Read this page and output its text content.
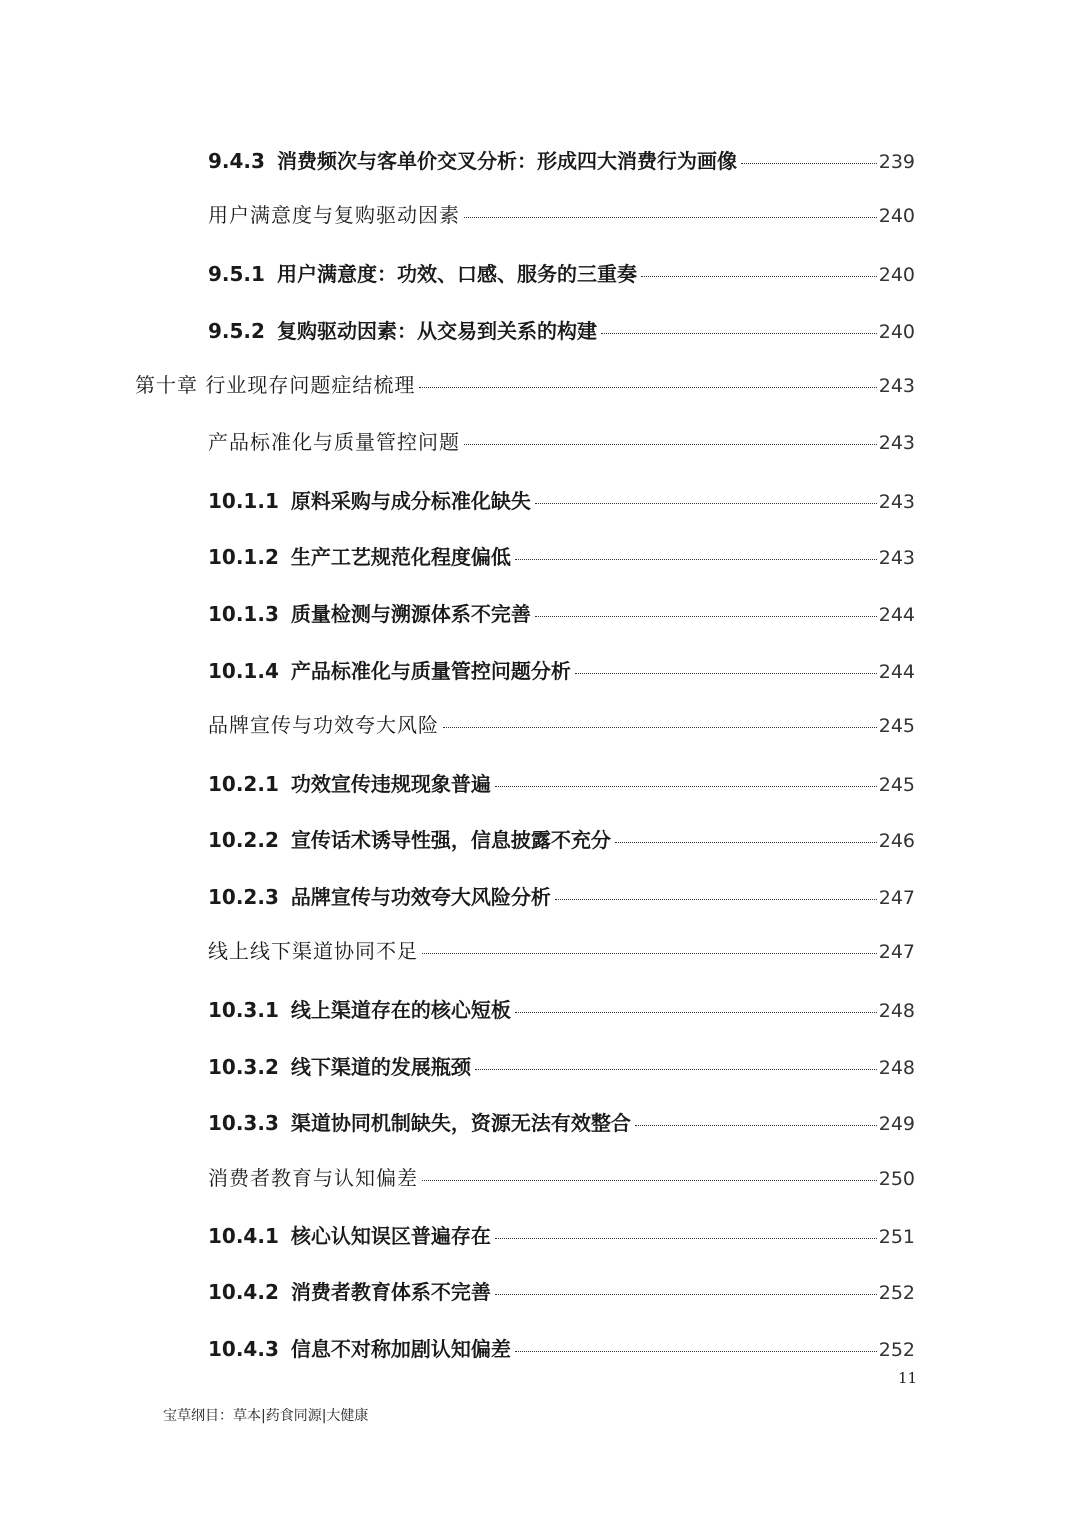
9.4.3 消费频次与客单价交叉分析：形成四大消费行为画像	239
用户满意度与复购驱动因素	240
9.5.1 用户满意度：功效、口感、服务的三重奏	240
9.5.2 复购驱动因素：从交易到关系的构建	240
第十章 行业现存问题症结梳理	243
产品标准化与质量管控问题	243
10.1.1 原料采购与成分标准化缺失	243
10.1.2 生产工艺规范化程度偏低	243
10.1.3 质量检测与溯源体系不完善	244
10.1.4 产品标准化与质量管控问题分析	244
品牌宣传与功效夸大风险	245
10.2.1 功效宣传违规现象普遍	245
10.2.2 宣传话术诱导性强，信息披露不充分	246
10.2.3 品牌宣传与功效夸大风险分析	247
线上线下渠道协同不足	247
10.3.1 线上渠道存在的核心短板	248
10.3.2 线下渠道的发展瓶颈	248
10.3.3 渠道协同机制缺失，资源无法有效整合	249
消费者教育与认知偏差	250
10.4.1 核心认知误区普遍存在	251
10.4.2 消费者教育体系不完善	252
10.4.3 信息不对称加剧认知偏差	252
11
宝草纲目：草本|药食同源|大健康
